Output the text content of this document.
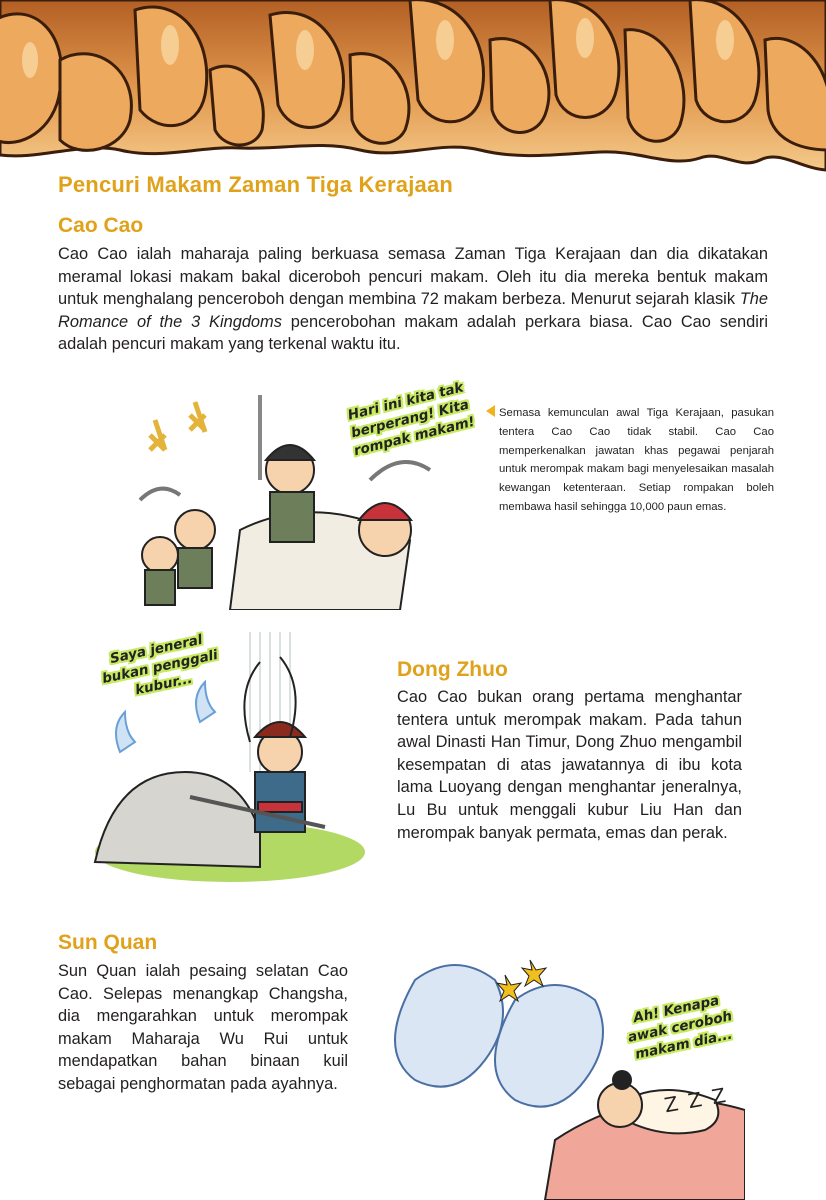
Pencuri Makam Zaman Tiga Kerajaan
Cao Cao

Cao Cao ialah maharaja paling berkuasa semasa Zaman Tiga Kerajaan dan dia dikatakan meramal lokasi makam bakal diceroboh pencuri makam. Oleh itu dia mereka bentuk makam untuk menghalang penceroboh dengan membina 72 makam berbeza. Menurut sejarah klasik The Romance of the 3 Kingdoms pencerobohan makam adalah perkara biasa. Cao Cao sendiri adalah pencuri makam yang terkenal waktu itu.

Hari ini kita tak berperang! Kita rompak makam!

Semasa kemunculan awal Tiga Kerajaan, pasukan tentera Cao Cao tidak stabil. Cao Cao memperkenalkan jawatan khas pegawai penjarah untuk merompak makam bagi menyelesaikan masalah kewangan ketenteraan. Setiap rompakan boleh membawa hasil sehingga 10,000 paun emas.

Saya jeneral bukan penggali kubur...

Dong Zhuo

Cao Cao bukan orang pertama menghantar tentera untuk merompak makam. Pada tahun awal Dinasti Han Timur, Dong Zhuo mengambil kesempatan di atas jawatannya di ibu kota lama Luoyang dengan menghantar jeneralnya, Lu Bu untuk menggali kubur Liu Han dan merompak banyak permata, emas dan perak.

Sun Quan

Sun Quan ialah pesaing selatan Cao Cao. Selepas menangkap Changsha, dia mengarahkan untuk merompak makam Maharaja Wu Rui untuk mendapatkan bahan binaan kuil sebagai penghormatan pada ayahnya.

Ah! Kenapa awak ceroboh makam dia...

Z Z Z
